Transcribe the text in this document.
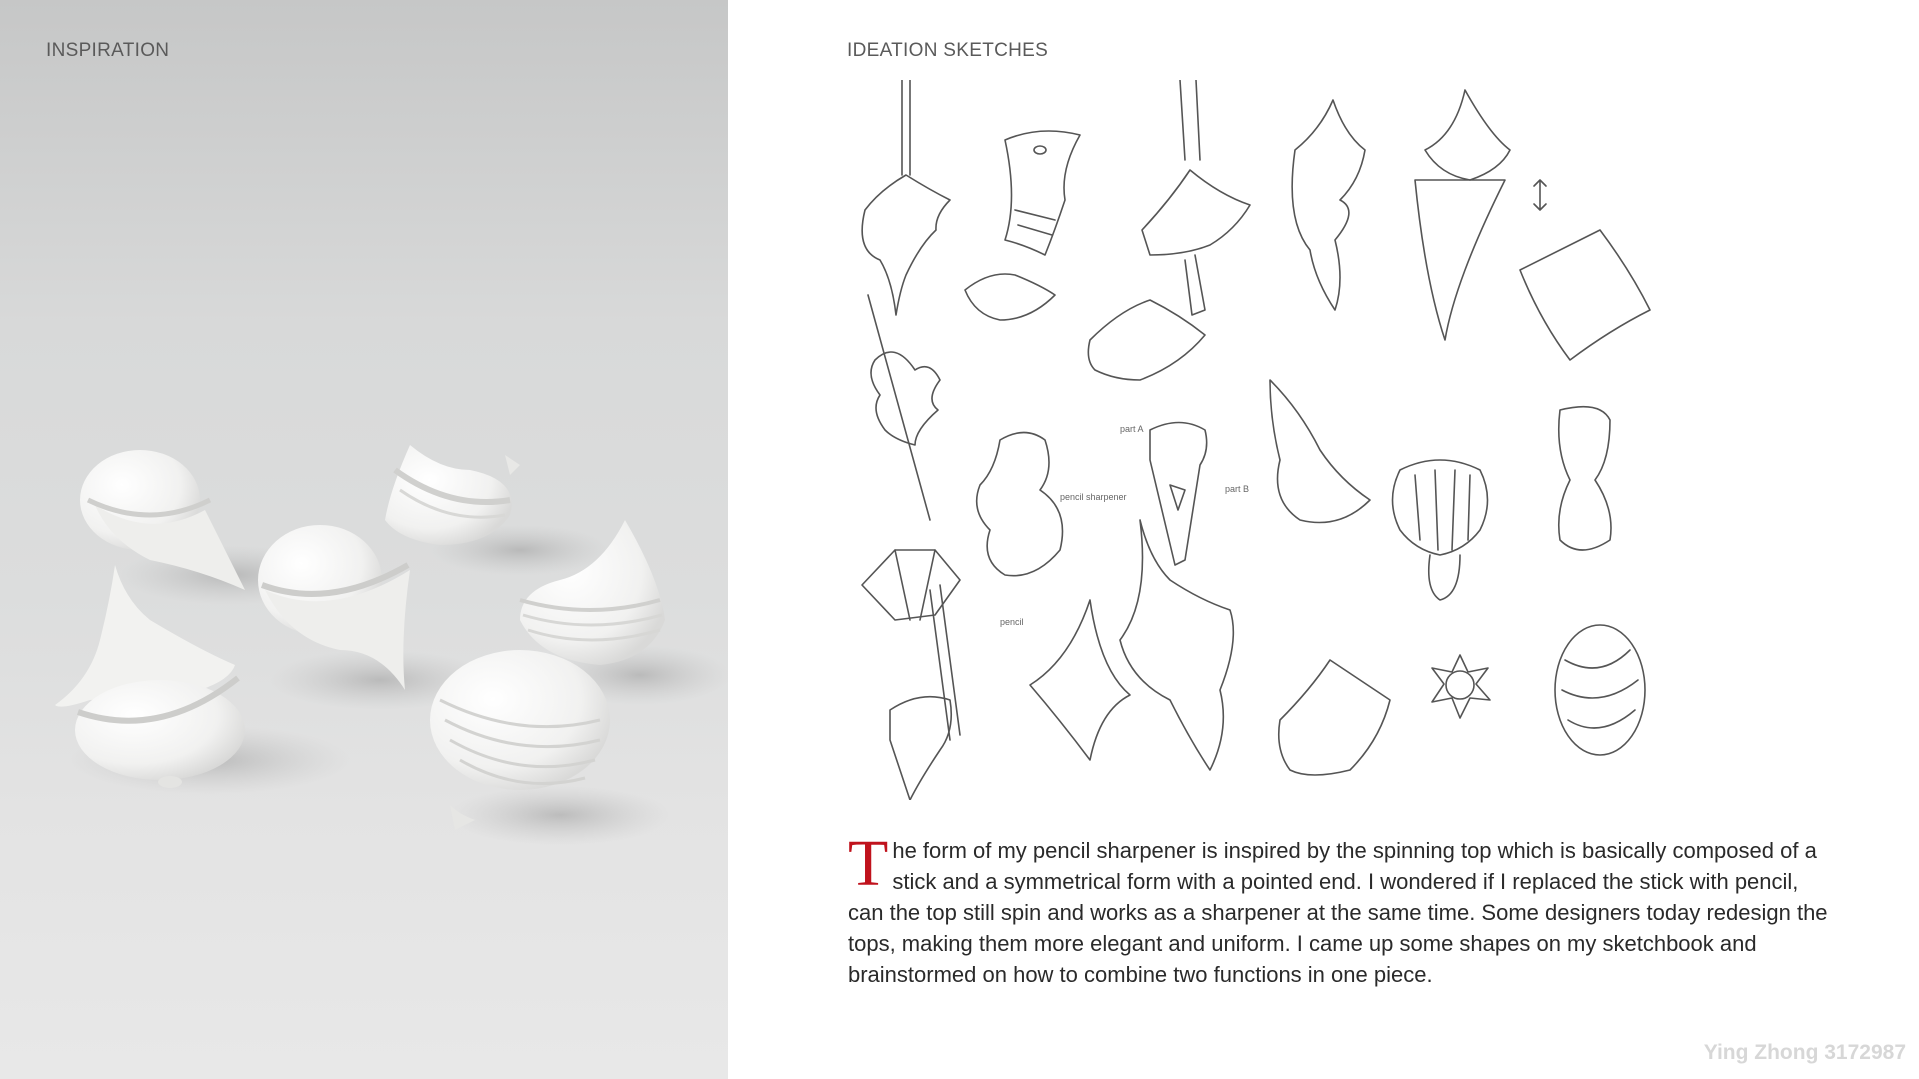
INSPIRATION	IDEATION SKETCHES
part A
pencil sharpener
part B
pencil
The form of my pencil sharpener is inspired by the spinning top which is basically composed of a stick and a symmetrical form with a pointed end. I wondered if I replaced the stick with pencil, can the top still spin and works as a sharpener at the same time. Some designers today redesign the tops, making them more elegant and uniform. I came up some shapes on my sketchbook and brainstormed on how to combine two functions in one piece.
Ying Zhong 3172987
